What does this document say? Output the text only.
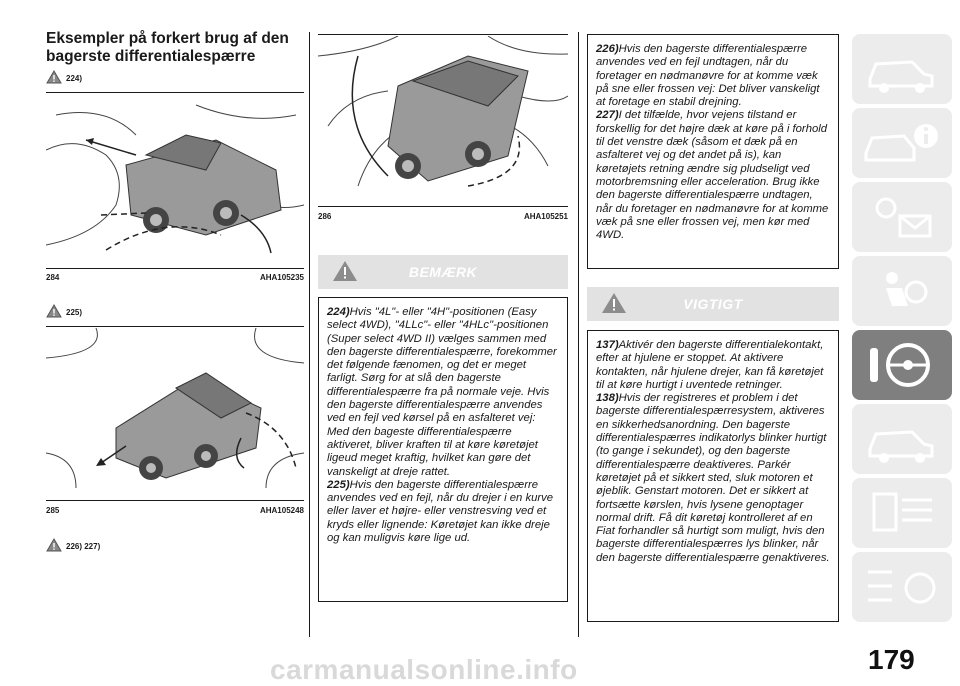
Eksempler på forkert brug af den bagerste differentialespærre
224)
284	AHA105235
225)
285	AHA105248
226) 227)
286	AHA105251
BEMÆRK

224)Hvis "4L"- eller "4H"-positionen (Easy select 4WD), "4LLc"- eller "4HLc"-positionen (Super select 4WD II) vælges sammen med den bagerste differentialespærre, forekommer det følgende fænomen, og det er meget farligt. Sørg for at slå den bagerste differentialespærre fra på normale veje. Hvis den bagerste differentialespærre anvendes ved en fejl ved kørsel på en asfalteret vej: Med den bageste differentialespærre aktiveret, bliver kraften til at køre køretøjet ligeud meget kraftig, hvilket kan gøre det vanskeligt at dreje rattet.

225)Hvis den bagerste differentialespærre anvendes ved en fejl, når du drejer i en kurve eller laver et højre- eller venstresving ved et kryds eller lignende: Køretøjet kan ikke dreje og kan muligvis køre lige ud.

226)Hvis den bagerste differentialespærre anvendes ved en fejl undtagen, når du foretager en nødmanøvre for at komme væk på sne eller frossen vej: Det bliver vanskeligt at foretage en stabil drejning.

227)I det tilfælde, hvor vejens tilstand er forskellig for det højre dæk at køre på i forhold til det venstre dæk (såsom et dæk på en asfalteret vej og det andet på is), kan køretøjets retning ændre sig pludseligt ved motorbremsning eller acceleration. Brug ikke den bagerste differentialespærre undtagen, når du foretager en nødmanøvre for at komme væk på sne eller frossen vej, men kør med 4WD.

VIGTIGT

137)Aktivér den bagerste differentialekontakt, efter at hjulene er stoppet. At aktivere kontakten, når hjulene drejer, kan få køretøjet til at køre hurtigt i uventede retninger.

138)Hvis der registreres et problem i det bagerste differentialespærresystem, aktiveres en sikkerhedsanordning. Den bagerste differentialespærres indikatorlys blinker hurtigt (to gange i sekundet), og den bagerste differentialespærre deaktiveres. Parkér køretøjet på et sikkert sted, sluk motoren et øjeblik. Genstart motoren. Det er sikkert at fortsætte kørslen, hvis lysene genoptager normal drift. Få dit køretøj kontrolleret af en Fiat forhandler så hurtigt som muligt, hvis den bagerste differentialespærres lys blinker, når den bagerste differentialespærre genaktiveres.

179
carmanualsonline.info
